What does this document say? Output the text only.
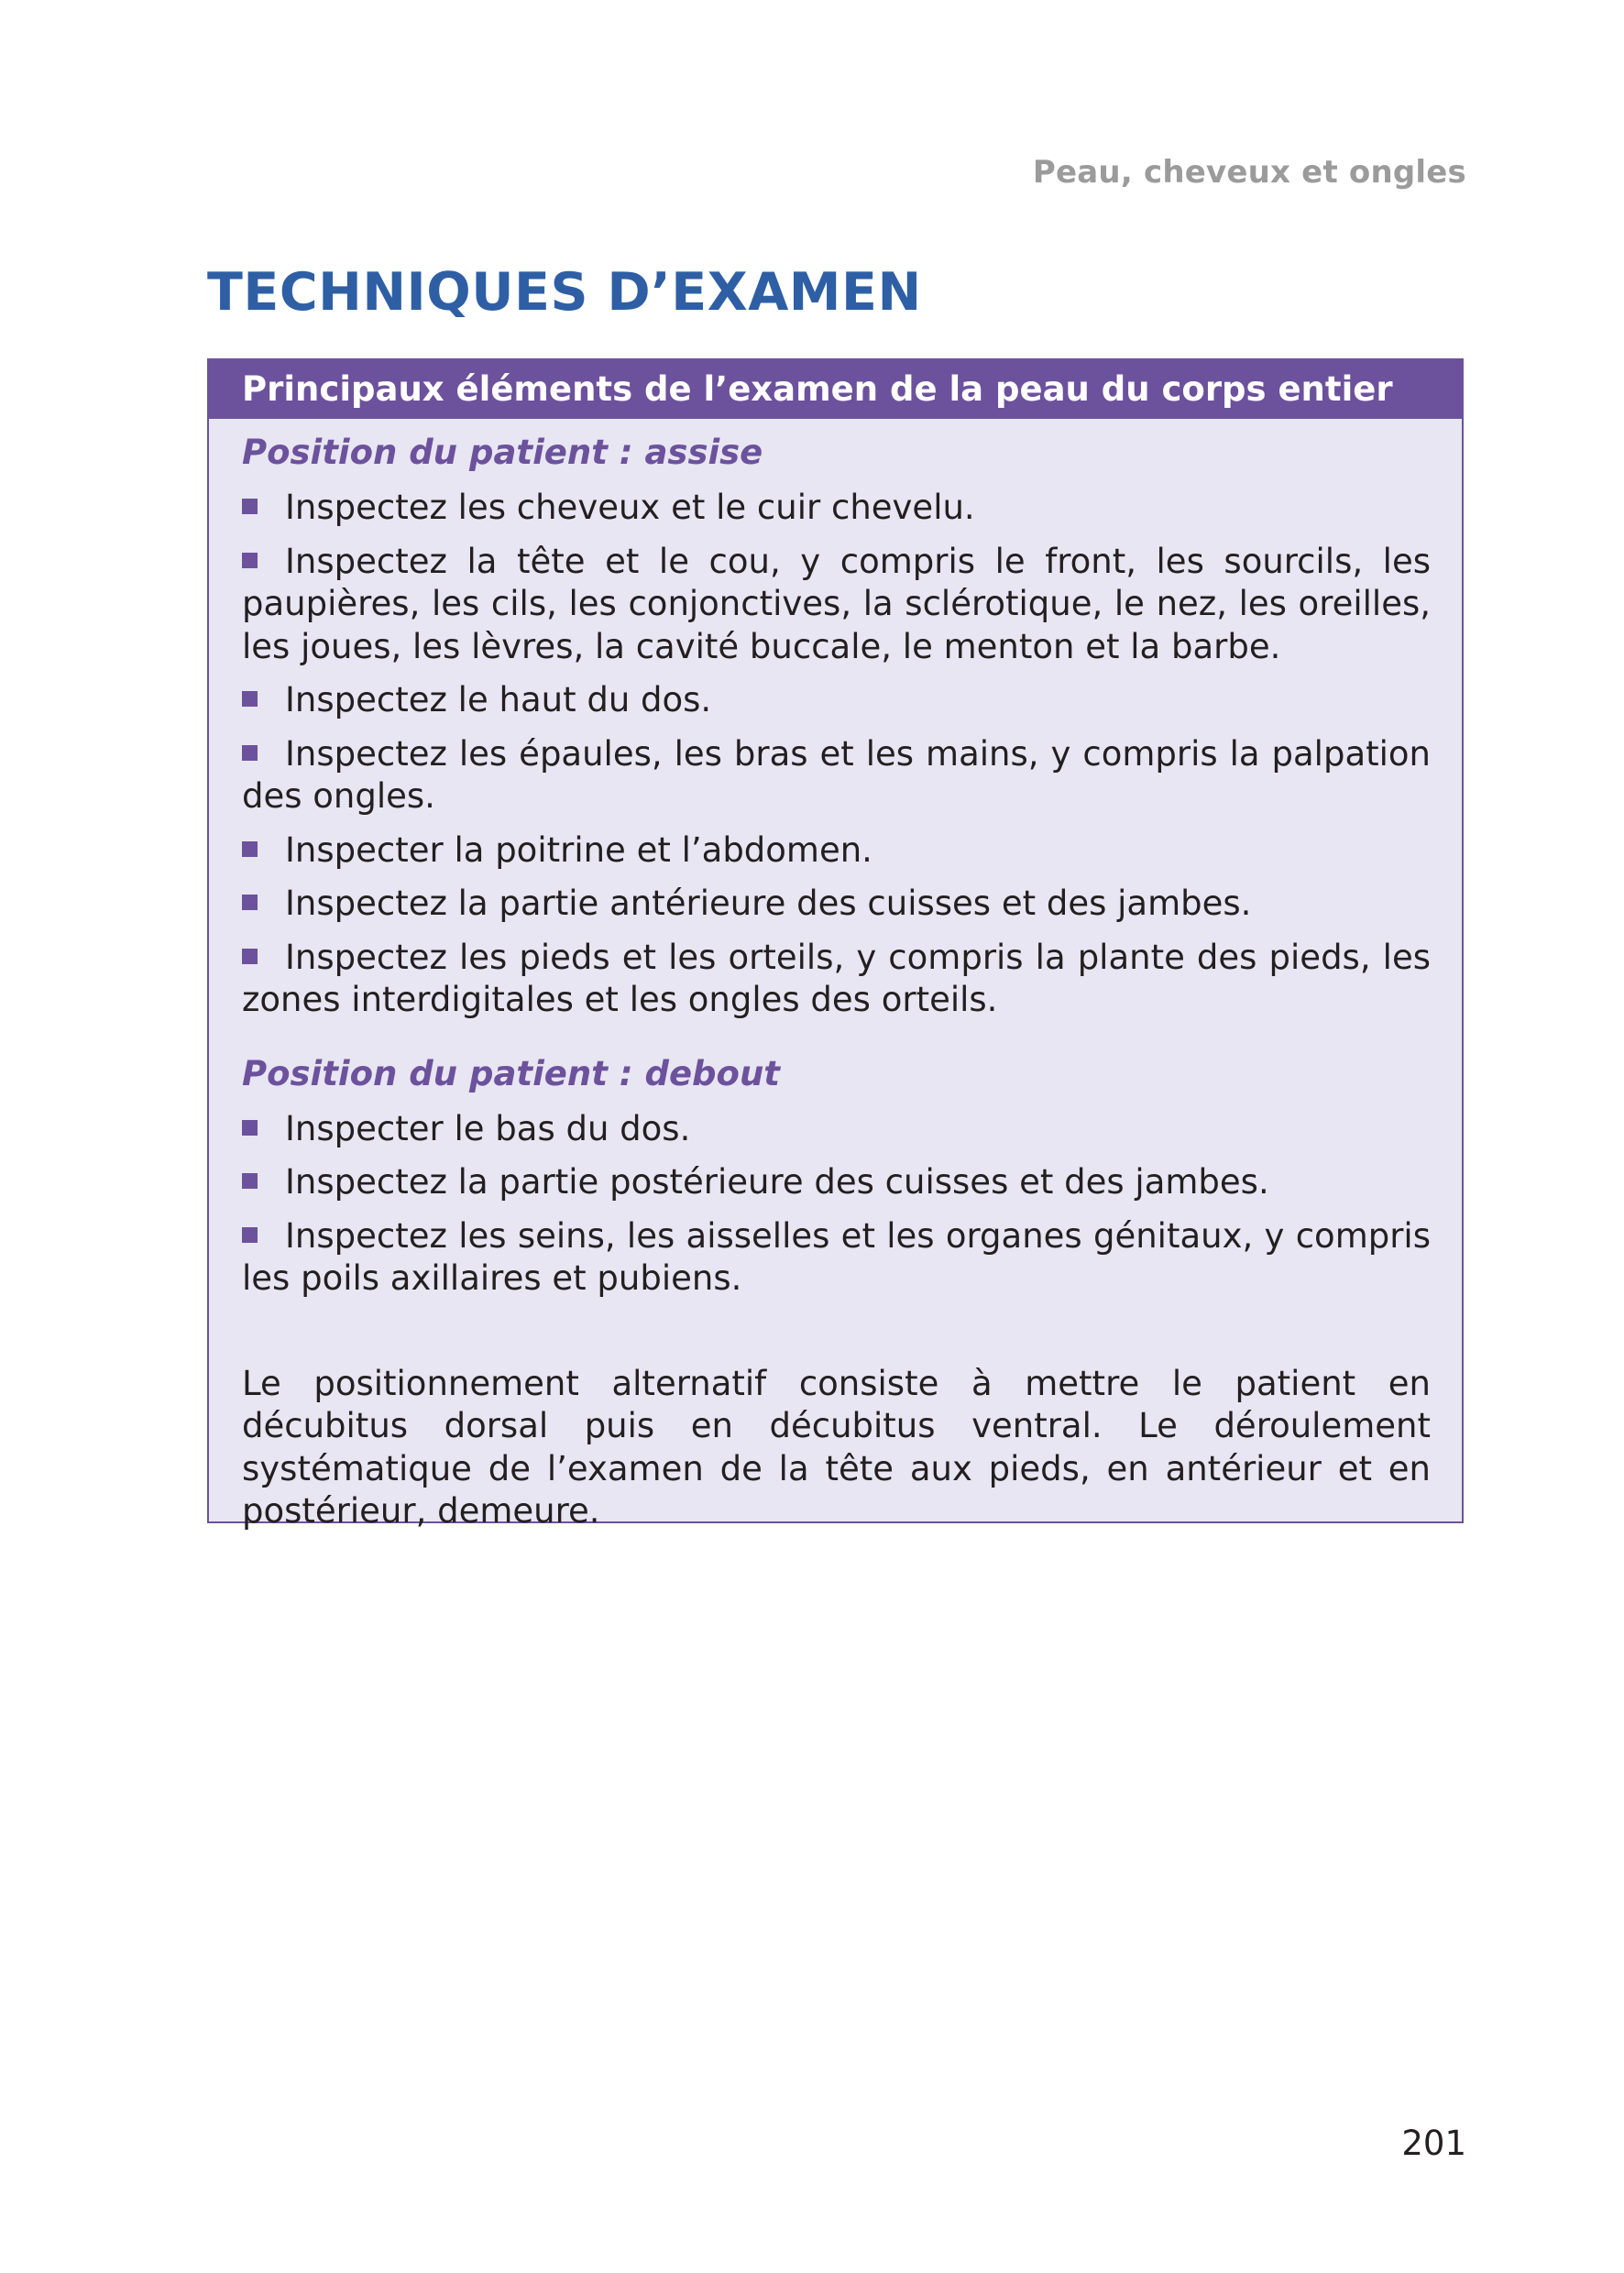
Peau, cheveux et ongles
TECHNIQUES D’EXAMEN
Principaux éléments de l’examen de la peau du corps entier
Position du patient : assise
Inspectez les cheveux et le cuir chevelu.
Inspectez la tête et le cou, y compris le front, les sourcils, les paupières, les cils, les conjonctives, la sclérotique, le nez, les oreilles, les joues, les lèvres, la cavité buccale, le menton et la barbe.
Inspectez le haut du dos.
Inspectez les épaules, les bras et les mains, y compris la palpation des ongles.
Inspecter la poitrine et l’abdomen.
Inspectez la partie antérieure des cuisses et des jambes.
Inspectez les pieds et les orteils, y compris la plante des pieds, les zones interdigitales et les ongles des orteils.
Position du patient : debout
Inspecter le bas du dos.
Inspectez la partie postérieure des cuisses et des jambes.
Inspectez les seins, les aisselles et les organes génitaux, y compris les poils axillaires et pubiens.

Le positionnement alternatif consiste à mettre le patient en décubitus dorsal puis en décubitus ventral. Le déroulement systématique de l’examen de la tête aux pieds, en antérieur et en postérieur, demeure.

201
